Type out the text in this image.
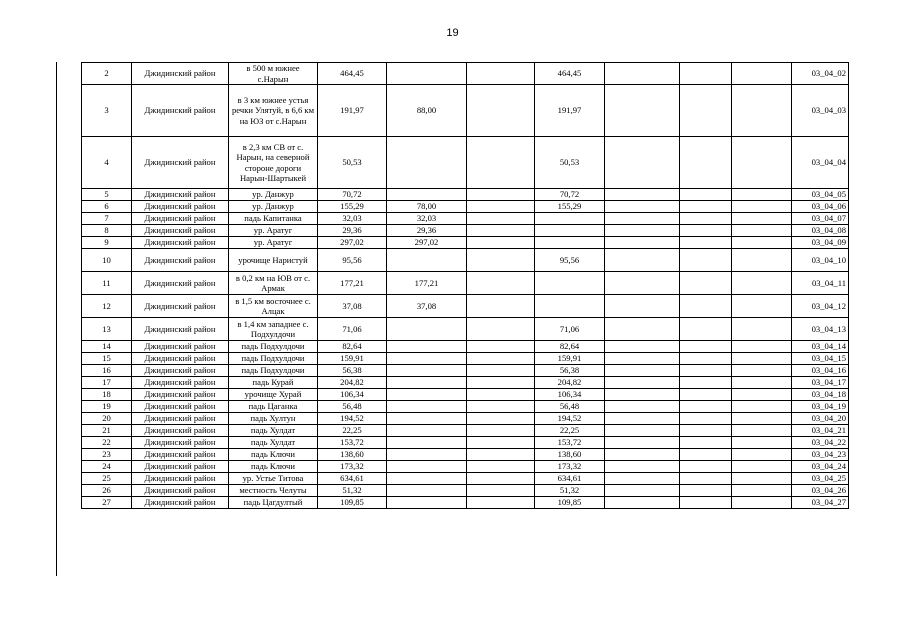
19
2	Джидинский район	в 500 м южнее с.Нарын	464,45			464,45				03_04_02
3	Джидинский район	в 3 км южнее устья речки Улятуй, в 6,6 км на ЮЗ от с.Нарын	191,97	88,00		191,97				03_04_03
4	Джидинский район	в 2,3 км СВ от с. Нарын, на северной стороне дороги Нарын-Шартыкей	50,53			50,53				03_04_04
5	Джидинский район	ур. Данжур	70,72			70,72				03_04_05
6	Джидинский район	ур. Данжур	155,29	78,00		155,29				03_04_06
7	Джидинский район	падь Капитанка	32,03	32,03						03_04_07
8	Джидинский район	ур. Аратуг	29,36	29,36						03_04_08
9	Джидинский район	ур. Аратуг	297,02	297,02						03_04_09
10	Джидинский район	урочище Наристуй	95,56			95,56				03_04_10
11	Джидинский район	в 0,2 км на ЮВ от с. Армак	177,21	177,21						03_04_11
12	Джидинский район	в 1,5 км восточнее с. Алцак	37,08	37,08						03_04_12
13	Джидинский район	в 1,4 км западнее с. Подхулдочи	71,06			71,06				03_04_13
14	Джидинский район	падь Подхулдочи	82,64			82,64				03_04_14
15	Джидинский район	падь Подхулдочи	159,91			159,91				03_04_15
16	Джидинский район	падь Подхулдочи	56,38			56,38				03_04_16
17	Джидинский район	падь Курай	204,82			204,82				03_04_17
18	Джидинский район	урочище Хурай	106,34			106,34				03_04_18
19	Джидинский район	падь Цаганка	56,48			56,48				03_04_19
20	Джидинский район	падь Хултун	194,52			194,52				03_04_20
21	Джидинский район	падь Хулдат	22,25			22,25				03_04_21
22	Джидинский район	падь Хулдат	153,72			153,72				03_04_22
23	Джидинский район	падь Ключи	138,60			138,60				03_04_23
24	Джидинский район	падь Ключи	173,32			173,32				03_04_24
25	Джидинский район	ур. Устье Титова	634,61			634,61				03_04_25
26	Джидинский район	местность Челуты	51,32			51,32				03_04_26
27	Джидинский район	падь Цагдултый	109,85			109,85				03_04_27
